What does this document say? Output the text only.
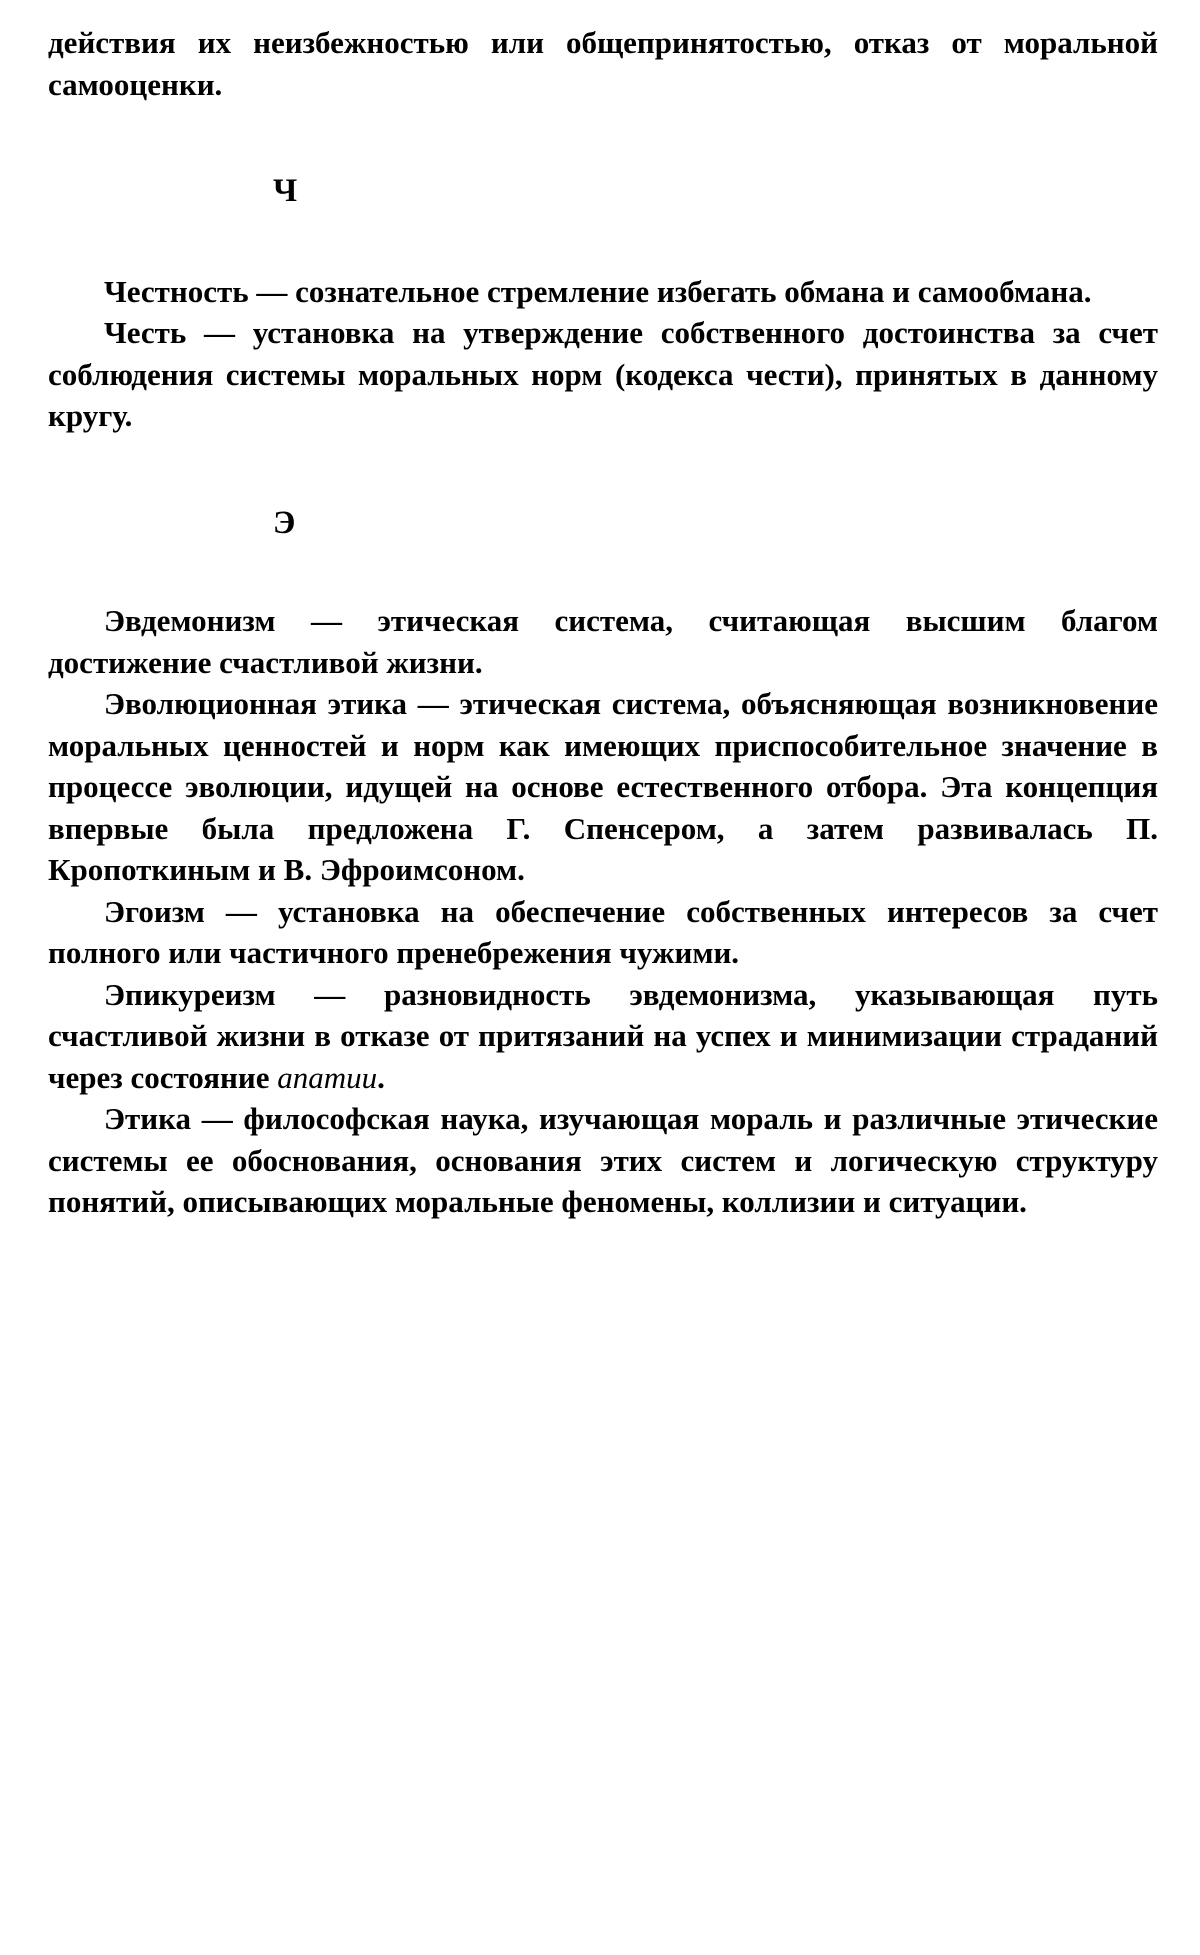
действия их неизбежностью или общепринятостью, отказ от моральной самооценки.

Ч

Честность — сознательное стремление избегать обмана и самообмана.

Честь — установка на утверждение собственного достоинства за счет соблюдения системы моральных норм (кодекса чести), принятых в данному кругу.

Э

Эвдемонизм — этическая система, считающая высшим благом достижение счастливой жизни.

Эволюционная этика — этическая система, объясняющая возникновение моральных ценностей и норм как имеющих приспособительное значение в процессе эволюции, идущей на основе естественного отбора. Эта концепция впервые была предложена Г. Спенсером, а затем развивалась П. Кропоткиным и В. Эфроимсоном.

Эгоизм — установка на обеспечение собственных интересов за счет полного или частичного пренебрежения чужими.

Эпикуреизм — разновидность эвдемонизма, указывающая путь счастливой жизни в отказе от притязаний на успех и минимизации страданий через состояние апатии.

Этика — философская наука, изучающая мораль и различные этические системы ее обоснования, основания этих систем и логическую структуру понятий, описывающих моральные феномены, коллизии и ситуации.
